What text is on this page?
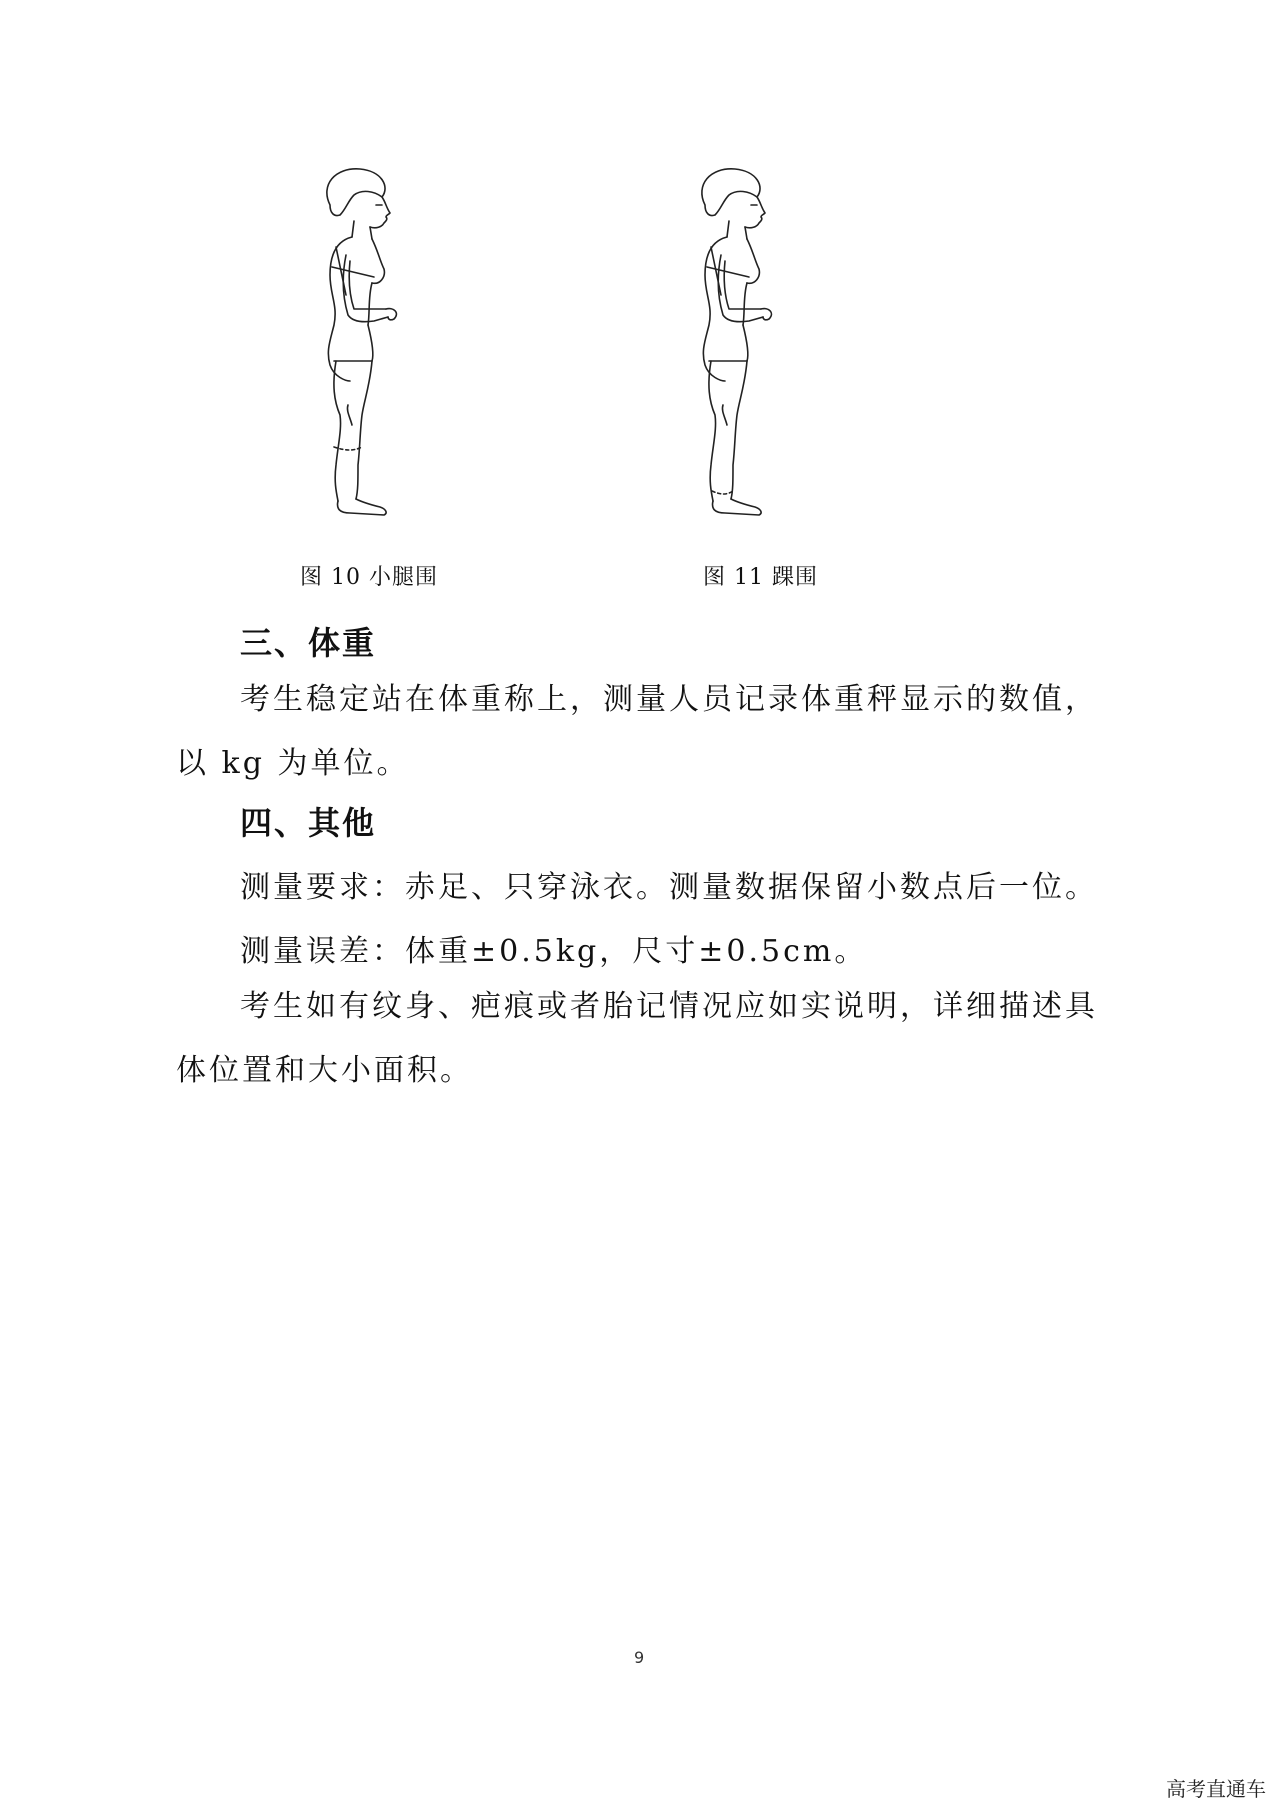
图 10 小腿围	图 11 踝围
三、体重
考生稳定站在体重称上，测量人员记录体重秤显示的数值，以 kg 为单位。
四、其他
测量要求：赤足、只穿泳衣。测量数据保留小数点后一位。
测量误差：体重±0.5kg，尺寸±0.5cm。
考生如有纹身、疤痕或者胎记情况应如实说明，详细描述具体位置和大小面积。
9
高考直通车
